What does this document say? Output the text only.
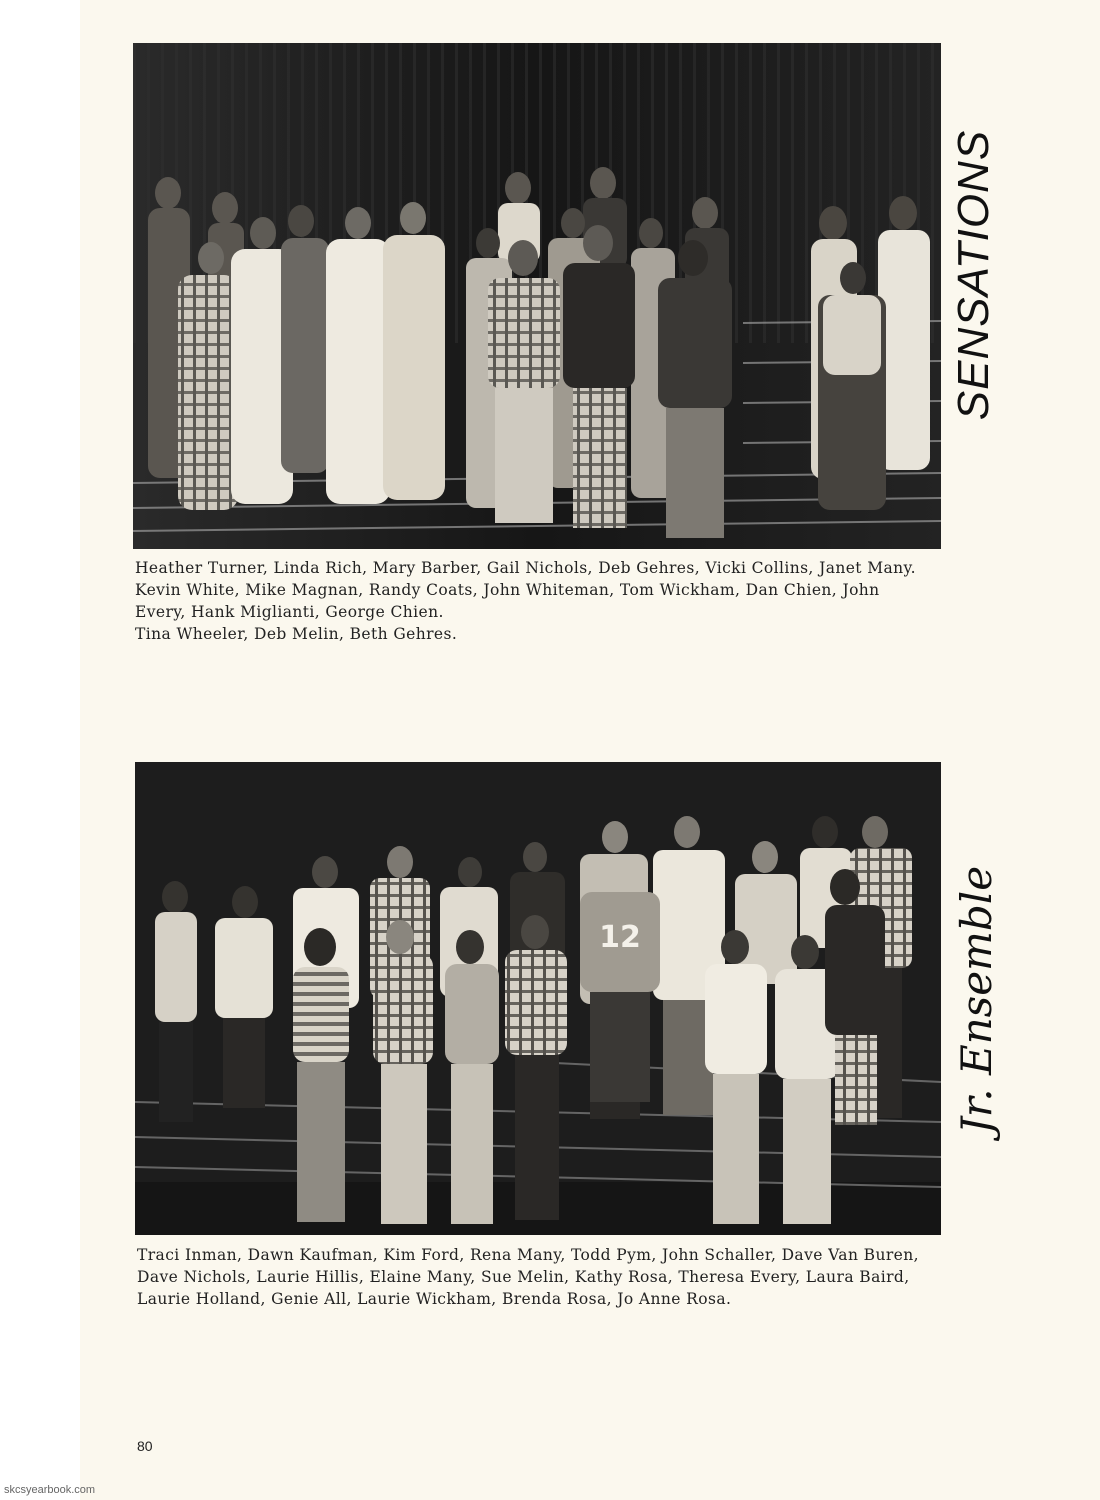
SENSATIONS

Heather Turner, Linda Rich, Mary Barber, Gail Nichols, Deb Gehres, Vicki Collins, Janet Many.

Kevin White, Mike Magnan, Randy Coats, John Whiteman, Tom Wickham, Dan Chien, John Every, Hank Miglianti, George Chien.

Tina Wheeler, Deb Melin, Beth Gehres.

12	Jr. Ensemble

Traci Inman, Dawn Kaufman, Kim Ford, Rena Many, Todd Pym, John Schaller, Dave Van Buren, Dave Nichols, Laurie Hillis, Elaine Many, Sue Melin, Kathy Rosa, Theresa Every, Laura Baird, Laurie Holland, Genie All, Laurie Wickham, Brenda Rosa, Jo Anne Rosa.

80
skcsyearbook.com
